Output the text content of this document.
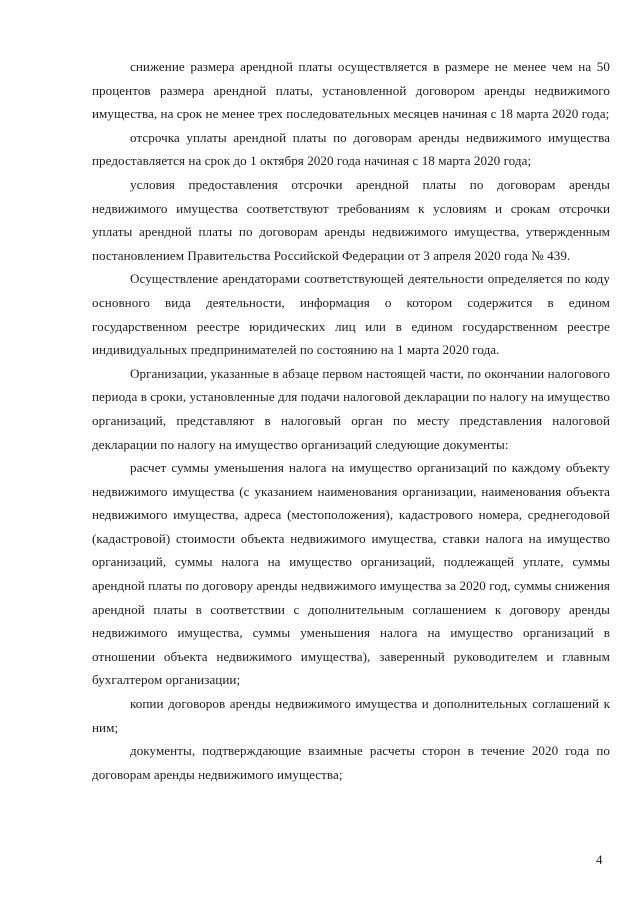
снижение размера арендной платы осуществляется в размере не менее чем на 50 процентов размера арендной платы, установленной договором аренды недвижимого имущества, на срок не менее трех последовательных месяцев начиная с 18 марта 2020 года;

отсрочка уплаты арендной платы по договорам аренды недвижимого имущества предоставляется на срок до 1 октября 2020 года начиная с 18 марта 2020 года;

условия предоставления отсрочки арендной платы по договорам аренды недвижимого имущества соответствуют требованиям к условиям и срокам отсрочки уплаты арендной платы по договорам аренды недвижимого имущества, утвержденным постановлением Правительства Российской Федерации от 3 апреля 2020 года № 439.

Осуществление арендаторами соответствующей деятельности определяется по коду основного вида деятельности, информация о котором содержится в едином государственном реестре юридических лиц или в едином государственном реестре индивидуальных предпринимателей по состоянию на 1 марта 2020 года.

Организации, указанные в абзаце первом настоящей части, по окончании налогового периода в сроки, установленные для подачи налоговой декларации по налогу на имущество организаций, представляют в налоговый орган по месту представления налоговой декларации по налогу на имущество организаций следующие документы:

расчет суммы уменьшения налога на имущество организаций по каждому объекту недвижимого имущества (с указанием наименования организации, наименования объекта недвижимого имущества, адреса (местоположения), кадастрового номера, среднегодовой (кадастровой) стоимости объекта недвижимого имущества, ставки налога на имущество организаций, суммы налога на имущество организаций, подлежащей уплате, суммы арендной платы по договору аренды недвижимого имущества за 2020 год, суммы снижения арендной платы в соответствии с дополнительным соглашением к договору аренды недвижимого имущества, суммы уменьшения налога на имущество организаций в отношении объекта недвижимого имущества), заверенный руководителем и главным бухгалтером организации;

копии договоров аренды недвижимого имущества и дополнительных соглашений к ним;

документы, подтверждающие взаимные расчеты сторон в течение 2020 года по договорам аренды недвижимого имущества;

4
